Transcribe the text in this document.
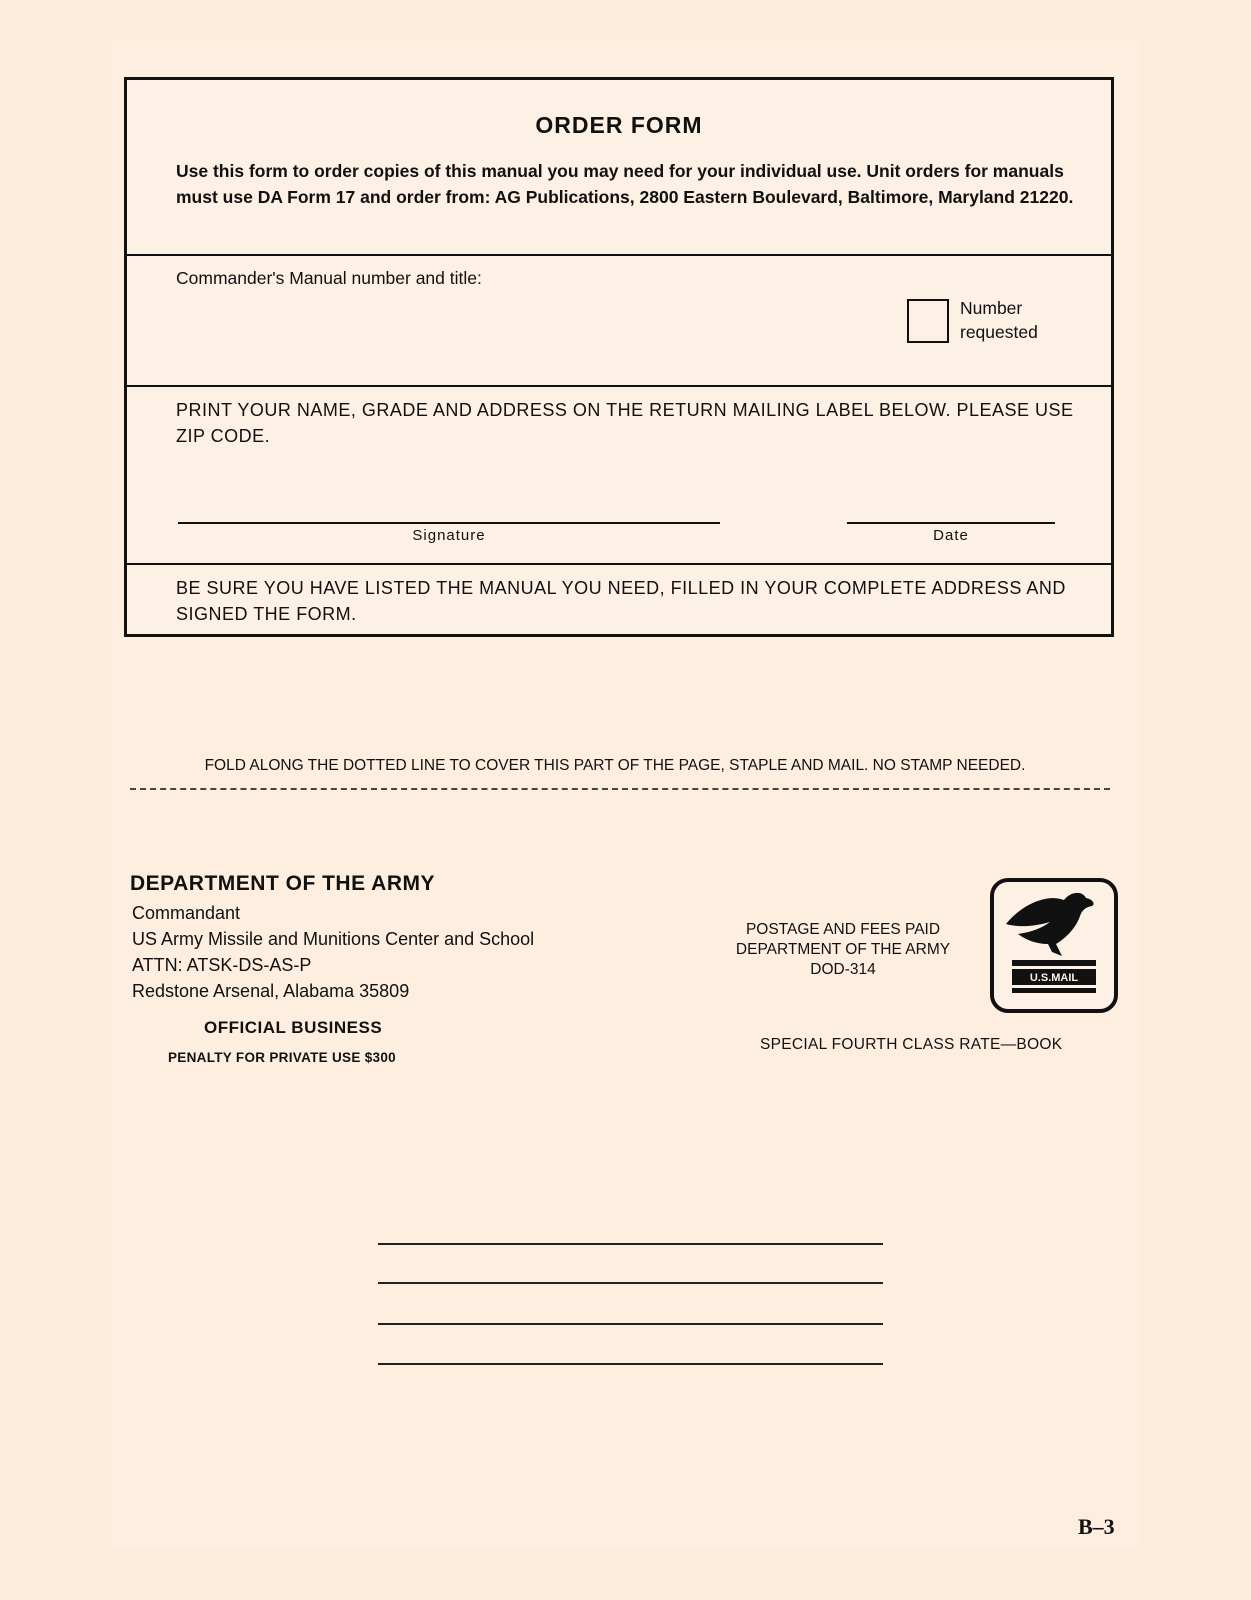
ORDER FORM
Use this form to order copies of this manual you may need for your individual use. Unit orders for manuals must use DA Form 17 and order from: AG Publications, 2800 Eastern Boulevard, Baltimore, Maryland 21220.
Commander's Manual number and title:
Number
requested
PRINT YOUR NAME, GRADE AND ADDRESS ON THE RETURN MAILING LABEL BELOW. PLEASE USE ZIP CODE.
Signature	Date
BE SURE YOU HAVE LISTED THE MANUAL YOU NEED, FILLED IN YOUR COMPLETE ADDRESS AND SIGNED THE FORM.
FOLD ALONG THE DOTTED LINE TO COVER THIS PART OF THE PAGE, STAPLE AND MAIL. NO STAMP NEEDED.
DEPARTMENT OF THE ARMY
Commandant
US Army Missile and Munitions Center and School
ATTN: ATSK-DS-AS-P
Redstone Arsenal, Alabama 35809
OFFICIAL BUSINESS
PENALTY FOR PRIVATE USE $300
POSTAGE AND FEES PAID
DEPARTMENT OF THE ARMY
DOD-314	U.S.MAIL
SPECIAL FOURTH CLASS RATE—BOOK
B–3
